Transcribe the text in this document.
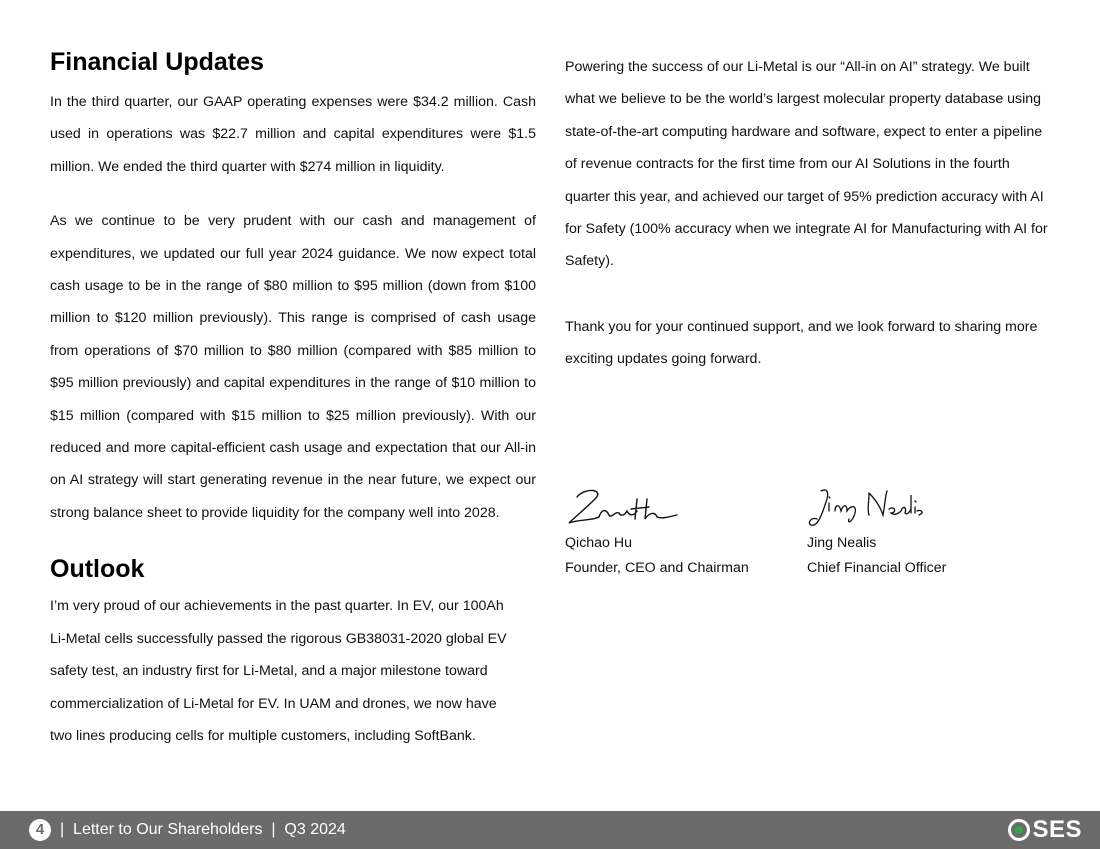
Financial Updates

In the third quarter, our GAAP operating expenses were $34.2 million. Cash used in operations was $22.7 million and capital expenditures were $1.5 million. We ended the third quarter with $274 million in liquidity.

As we continue to be very prudent with our cash and management of expenditures, we updated our full year 2024 guidance. We now expect total cash usage to be in the range of $80 million to $95 million (down from $100 million to $120 million previously). This range is comprised of cash usage from operations of $70 million to $80 million (compared with $85 million to $95 million previously) and capital expenditures in the range of $10 million to $15 million (compared with $15 million to $25 million previously). With our reduced and more capital-efficient cash usage and expectation that our All-in on AI strategy will start generating revenue in the near future, we expect our strong balance sheet to provide liquidity for the company well into 2028.

Outlook

I’m very proud of our achievements in the past quarter. In EV, our 100Ah Li-Metal cells successfully passed the rigorous GB38031-2020 global EV safety test, an industry first for Li-Metal, and a major milestone toward commercialization of Li-Metal for EV. In UAM and drones, we now have two lines producing cells for multiple customers, including SoftBank.

Powering the success of our Li-Metal is our “All-in on AI” strategy. We built what we believe to be the world’s largest molecular property database using state-of-the-art computing hardware and software, expect to enter a pipeline of revenue contracts for the first time from our AI Solutions in the fourth quarter this year, and achieved our target of 95% prediction accuracy with AI for Safety (100% accuracy when we integrate AI for Manufacturing with AI for Safety).

Thank you for your continued support, and we look forward to sharing more exciting updates going forward.

Qichao Hu
Founder, CEO and Chairman
Jing Nealis
Chief Financial Officer
4 |  Letter to Our Shareholders  |  Q3 2024	SES
